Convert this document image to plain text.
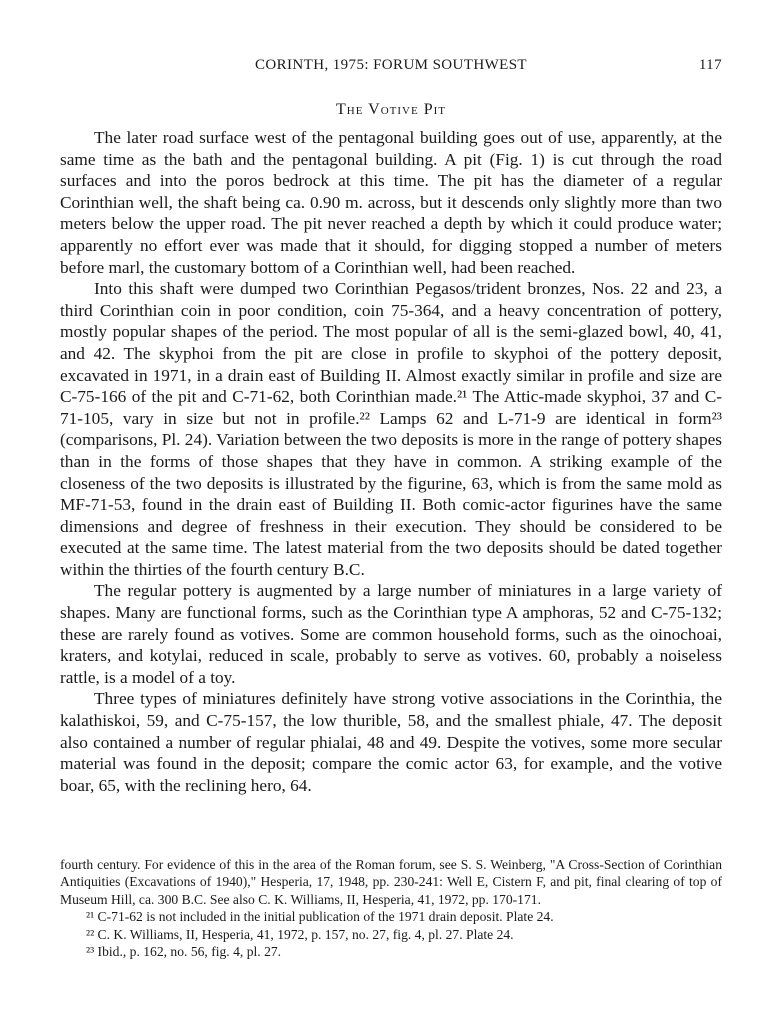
CORINTH, 1975: FORUM SOUTHWEST	117
The Votive Pit

The later road surface west of the pentagonal building goes out of use, apparently, at the same time as the bath and the pentagonal building. A pit (Fig. 1) is cut through the road surfaces and into the poros bedrock at this time. The pit has the diameter of a regular Corinthian well, the shaft being ca. 0.90 m. across, but it descends only slightly more than two meters below the upper road. The pit never reached a depth by which it could produce water; apparently no effort ever was made that it should, for digging stopped a number of meters before marl, the customary bottom of a Corinthian well, had been reached.

Into this shaft were dumped two Corinthian Pegasos/trident bronzes, Nos. 22 and 23, a third Corinthian coin in poor condition, coin 75-364, and a heavy concentration of pottery, mostly popular shapes of the period. The most popular of all is the semi-glazed bowl, 40, 41, and 42. The skyphoi from the pit are close in profile to skyphoi of the pottery deposit, excavated in 1971, in a drain east of Building II. Almost exactly similar in profile and size are C-75-166 of the pit and C-71-62, both Corinthian made.²¹ The Attic-made skyphoi, 37 and C-71-105, vary in size but not in profile.²² Lamps 62 and L-71-9 are identical in form²³ (comparisons, Pl. 24). Variation between the two deposits is more in the range of pottery shapes than in the forms of those shapes that they have in common. A striking example of the closeness of the two deposits is illustrated by the figurine, 63, which is from the same mold as MF-71-53, found in the drain east of Building II. Both comic-actor figurines have the same dimensions and degree of freshness in their execution. They should be considered to be executed at the same time. The latest material from the two deposits should be dated together within the thirties of the fourth century B.C.

The regular pottery is augmented by a large number of miniatures in a large variety of shapes. Many are functional forms, such as the Corinthian type A amphoras, 52 and C-75-132; these are rarely found as votives. Some are common household forms, such as the oinochoai, kraters, and kotylai, reduced in scale, probably to serve as votives. 60, probably a noiseless rattle, is a model of a toy.

Three types of miniatures definitely have strong votive associations in the Corinthia, the kalathiskoi, 59, and C-75-157, the low thurible, 58, and the smallest phiale, 47. The deposit also contained a number of regular phialai, 48 and 49. Despite the votives, some more secular material was found in the deposit; compare the comic actor 63, for example, and the votive boar, 65, with the reclining hero, 64.

fourth century. For evidence of this in the area of the Roman forum, see S. S. Weinberg, "A Cross-Section of Corinthian Antiquities (Excavations of 1940)," Hesperia, 17, 1948, pp. 230-241: Well E, Cistern F, and pit, final clearing of top of Museum Hill, ca. 300 B.C. See also C. K. Williams, II, Hesperia, 41, 1972, pp. 170-171.

²¹ C-71-62 is not included in the initial publication of the 1971 drain deposit. Plate 24.

²² C. K. Williams, II, Hesperia, 41, 1972, p. 157, no. 27, fig. 4, pl. 27. Plate 24.

²³ Ibid., p. 162, no. 56, fig. 4, pl. 27.
